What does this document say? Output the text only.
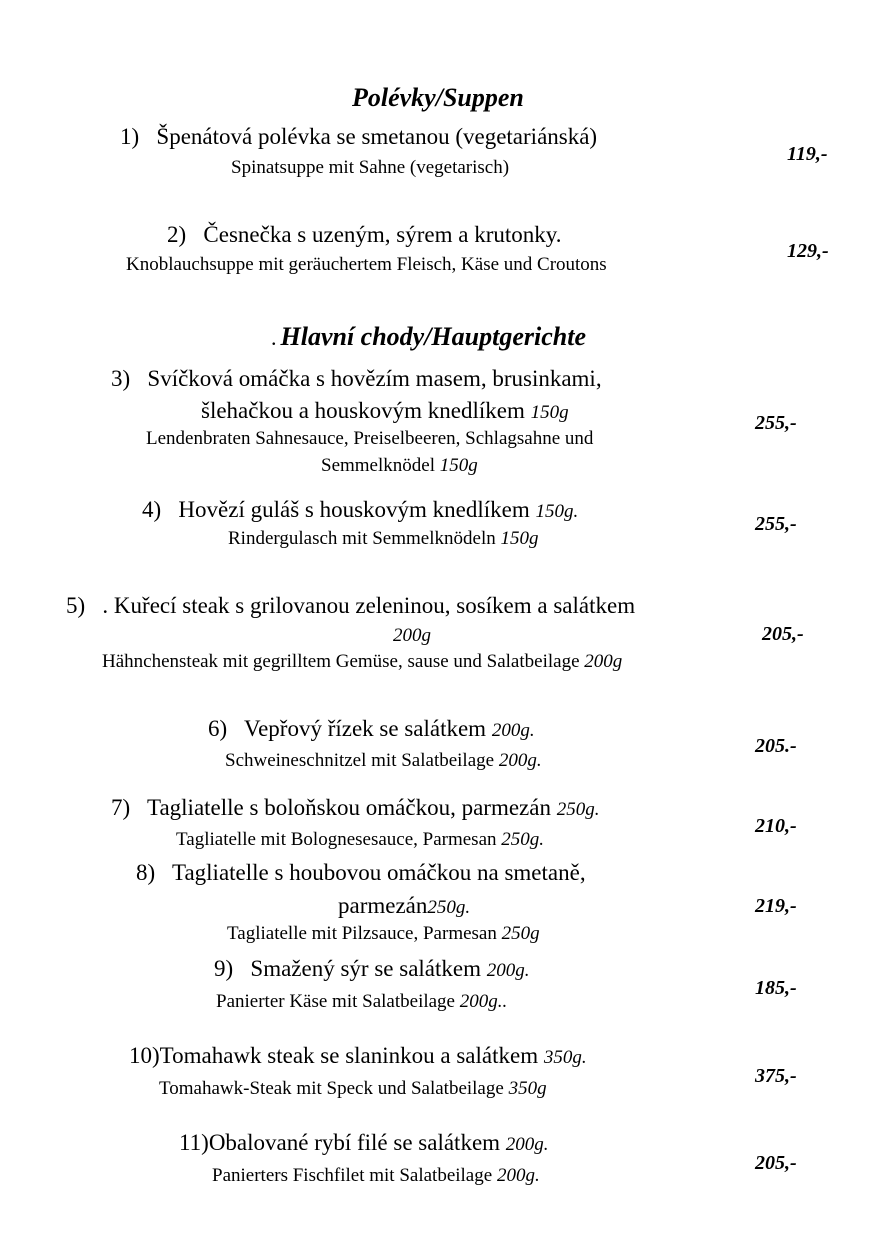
Polévky/Suppen
1) Špenátová polévka se smetanou (vegetariánská)
Spinatsuppe mit Sahne (vegetarisch)
119,-
2) Česnečka s uzeným, sýrem a krutonky.
Knoblauchsuppe mit geräuchertem Fleisch, Käse und Croutons
129,-
. Hlavní chody/Hauptgerichte
3) Svíčková omáčka s hovězím masem, brusinkami,
šlehačkou a houskovým knedlíkem 150g
Lendenbraten Sahnesauce, Preiselbeeren, Schlagsahne und
Semmelknödel 150g
255,-
4) Hovězí guláš s houskovým knedlíkem 150g.
Rindergulasch mit Semmelknödeln 150g
255,-
5) . Kuřecí steak s grilovanou zeleninou, sosíkem a salátkem
200g
Hähnchensteak mit gegrilltem Gemüse, sause und Salatbeilage 200g
205,-
6) Vepřový řízek se salátkem 200g.
Schweineschnitzel mit Salatbeilage 200g.
205.-
7) Tagliatelle s boloňskou omáčkou, parmezán 250g.
Tagliatelle mit Bolognesesauce, Parmesan 250g.
210,-
8) Tagliatelle s houbovou omáčkou na smetaně,
parmezán250g.
Tagliatelle mit Pilzsauce, Parmesan 250g
219,-
9) Smažený sýr se salátkem 200g.
Panierter Käse mit Salatbeilage 200g..
185,-
10)Tomahawk steak se slaninkou a salátkem 350g.
Tomahawk-Steak mit Speck und Salatbeilage 350g
375,-
11)Obalované rybí filé se salátkem 200g.
Panierters Fischfilet mit Salatbeilage 200g.
205,-
